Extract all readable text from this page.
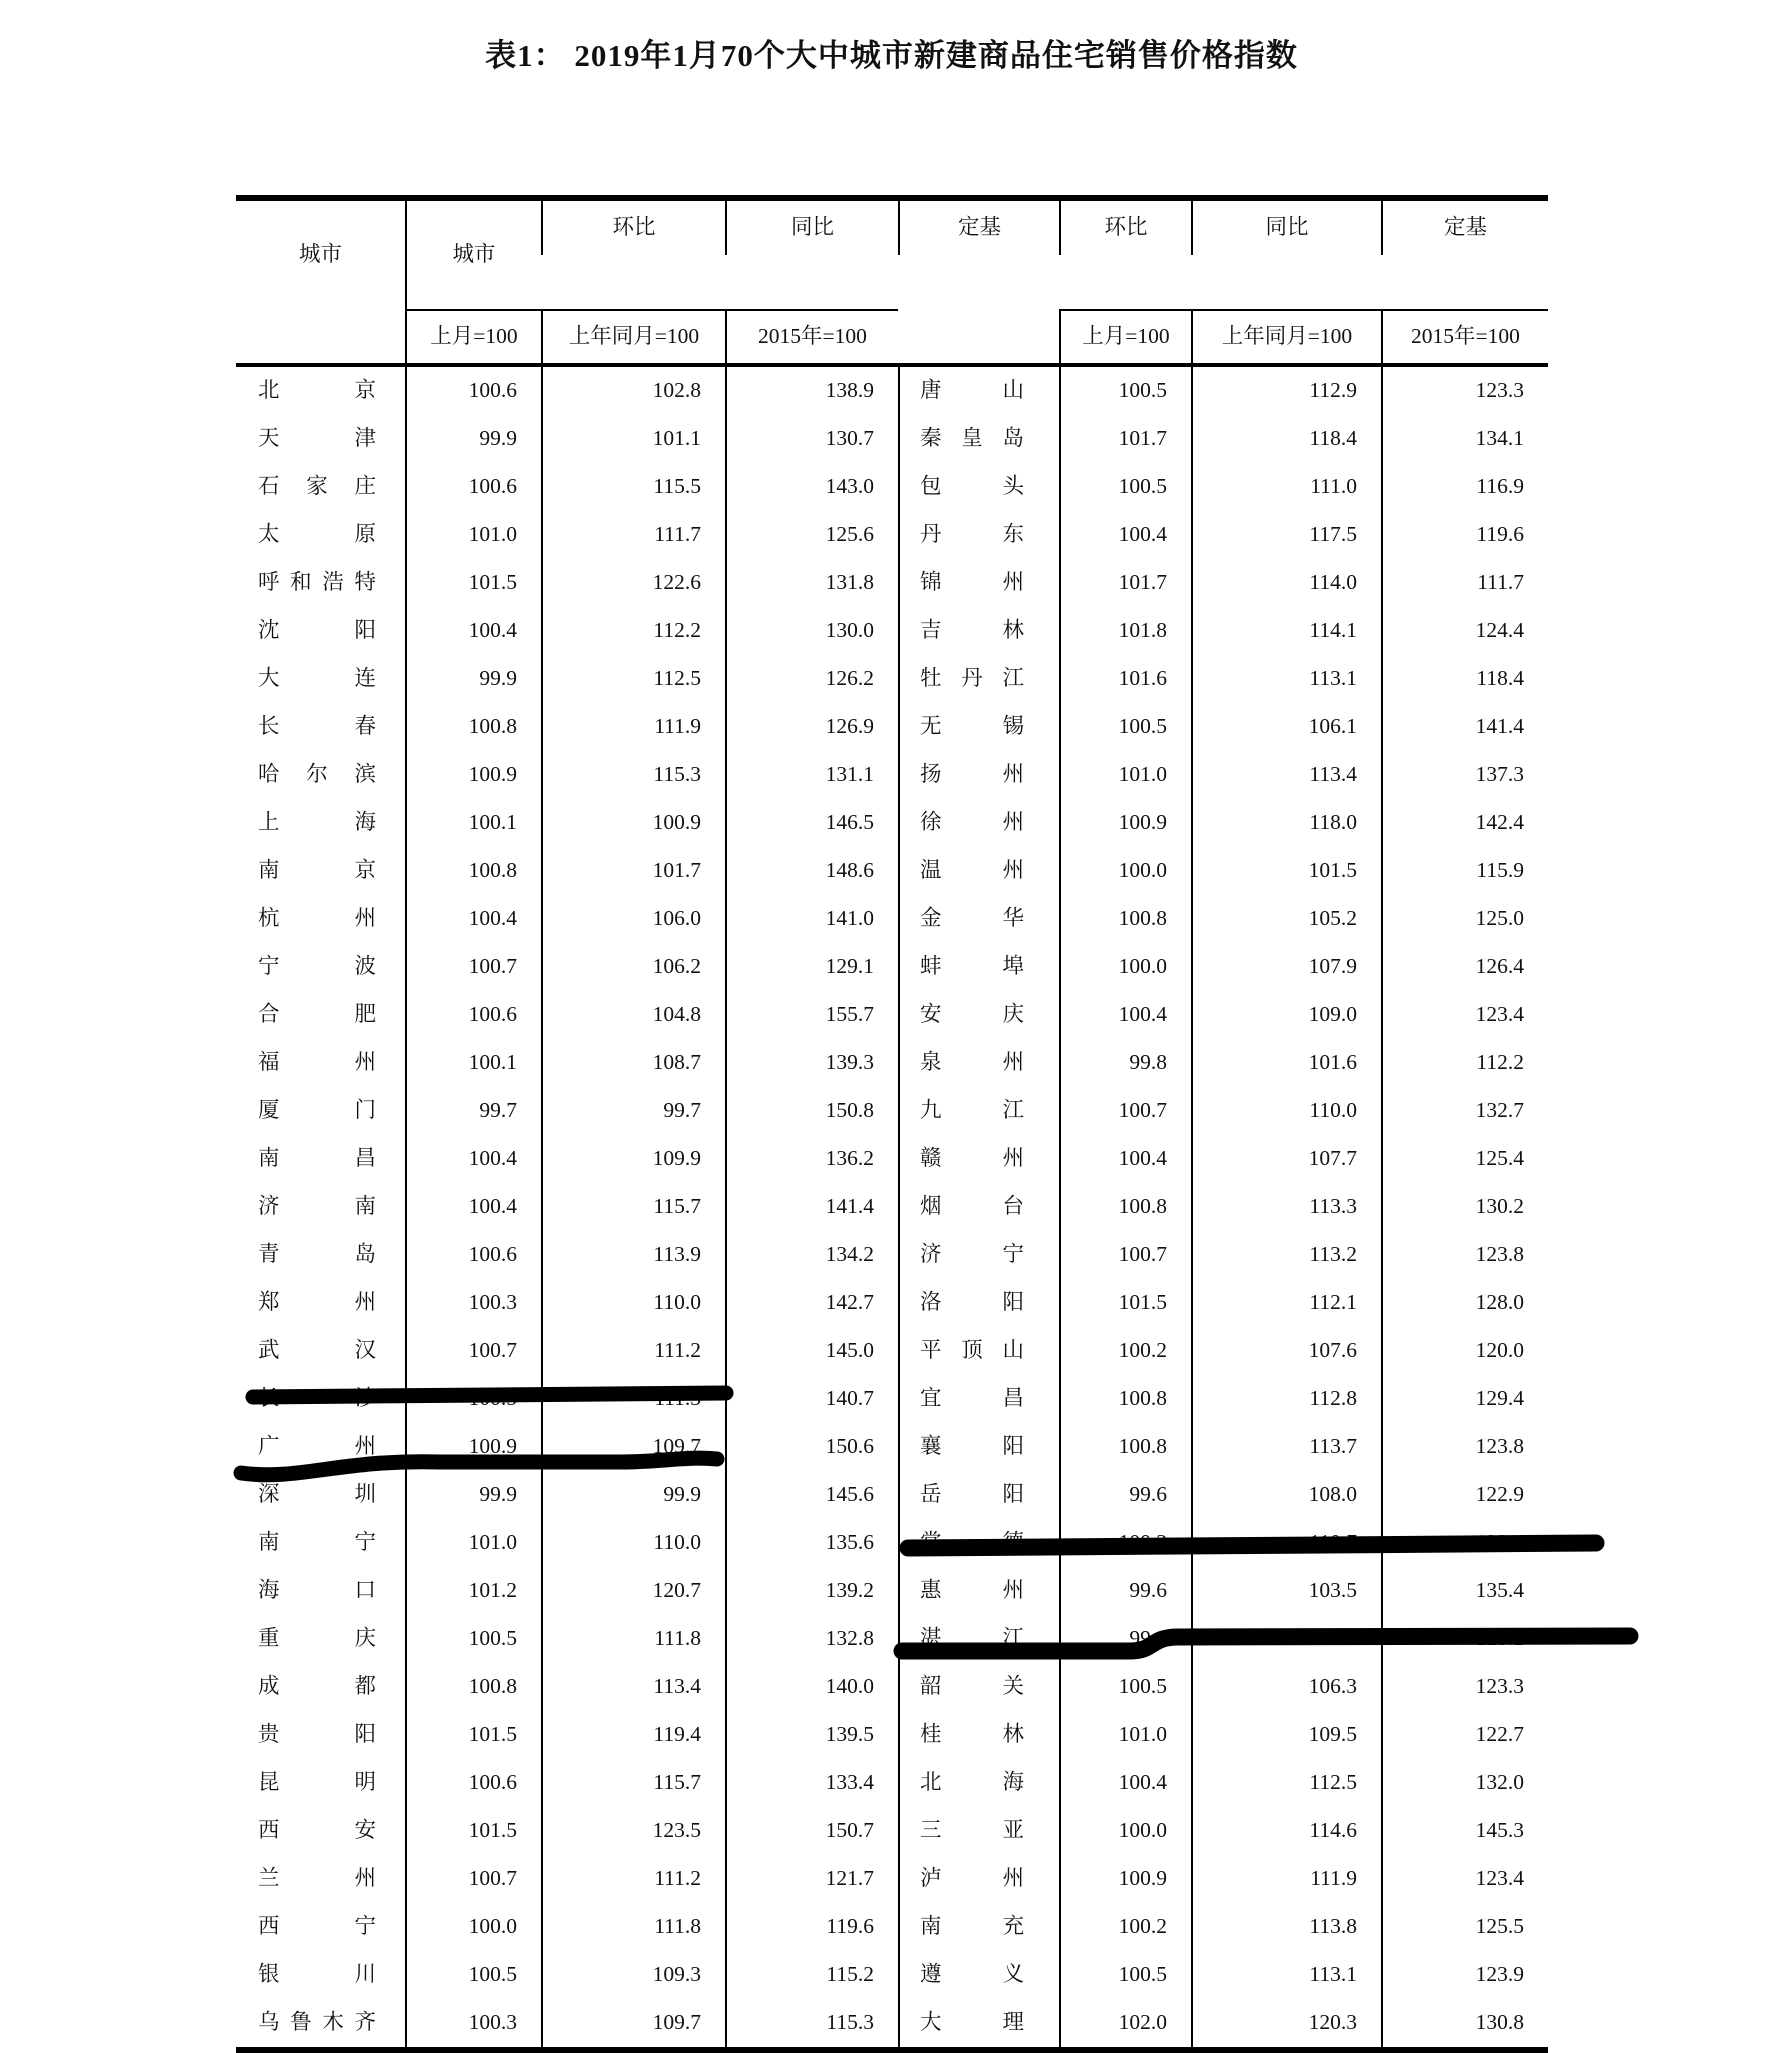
表1： 2019年1月70个大中城市新建商品住宅销售价格指数
城市
环比	同比	定基
城市
环比	同比	定基
上月=100	上年同月=100	2015年=100	上月=100	上年同月=100	2015年=100
北京	100.6	102.8	138.9	唐山	100.5	112.9	123.3
天津	99.9	101.1	130.7	秦皇岛	101.7	118.4	134.1
石家庄	100.6	115.5	143.0	包头	100.5	111.0	116.9
太原	101.0	111.7	125.6	丹东	100.4	117.5	119.6
呼和浩特	101.5	122.6	131.8	锦州	101.7	114.0	111.7
沈阳	100.4	112.2	130.0	吉林	101.8	114.1	124.4
大连	99.9	112.5	126.2	牡丹江	101.6	113.1	118.4
长春	100.8	111.9	126.9	无锡	100.5	106.1	141.4
哈尔滨	100.9	115.3	131.1	扬州	101.0	113.4	137.3
上海	100.1	100.9	146.5	徐州	100.9	118.0	142.4
南京	100.8	101.7	148.6	温州	100.0	101.5	115.9
杭州	100.4	106.0	141.0	金华	100.8	105.2	125.0
宁波	100.7	106.2	129.1	蚌埠	100.0	107.9	126.4
合肥	100.6	104.8	155.7	安庆	100.4	109.0	123.4
福州	100.1	108.7	139.3	泉州	99.8	101.6	112.2
厦门	99.7	99.7	150.8	九江	100.7	110.0	132.7
南昌	100.4	109.9	136.2	赣州	100.4	107.7	125.4
济南	100.4	115.7	141.4	烟台	100.8	113.3	130.2
青岛	100.6	113.9	134.2	济宁	100.7	113.2	123.8
郑州	100.3	110.0	142.7	洛阳	101.5	112.1	128.0
武汉	100.7	111.2	145.0	平顶山	100.2	107.6	120.0
长沙	100.5	111.3	140.7	宜昌	100.8	112.8	129.4
广州	100.9	109.7	150.6	襄阳	100.8	113.7	123.8
深圳	99.9	99.9	145.6	岳阳	99.6	108.0	122.9
南宁	101.0	110.0	135.6	常德	100.3	110.7	123.4
海口	101.2	120.7	139.2	惠州	99.6	103.5	135.4
重庆	100.5	111.8	132.8	湛江	99.8	107.4	125.2
成都	100.8	113.4	140.0	韶关	100.5	106.3	123.3
贵阳	101.5	119.4	139.5	桂林	101.0	109.5	122.7
昆明	100.6	115.7	133.4	北海	100.4	112.5	132.0
西安	101.5	123.5	150.7	三亚	100.0	114.6	145.3
兰州	100.7	111.2	121.7	泸州	100.9	111.9	123.4
西宁	100.0	111.8	119.6	南充	100.2	113.8	125.5
银川	100.5	109.3	115.2	遵义	100.5	113.1	123.9
乌鲁木齐	100.3	109.7	115.3	大理	102.0	120.3	130.8
